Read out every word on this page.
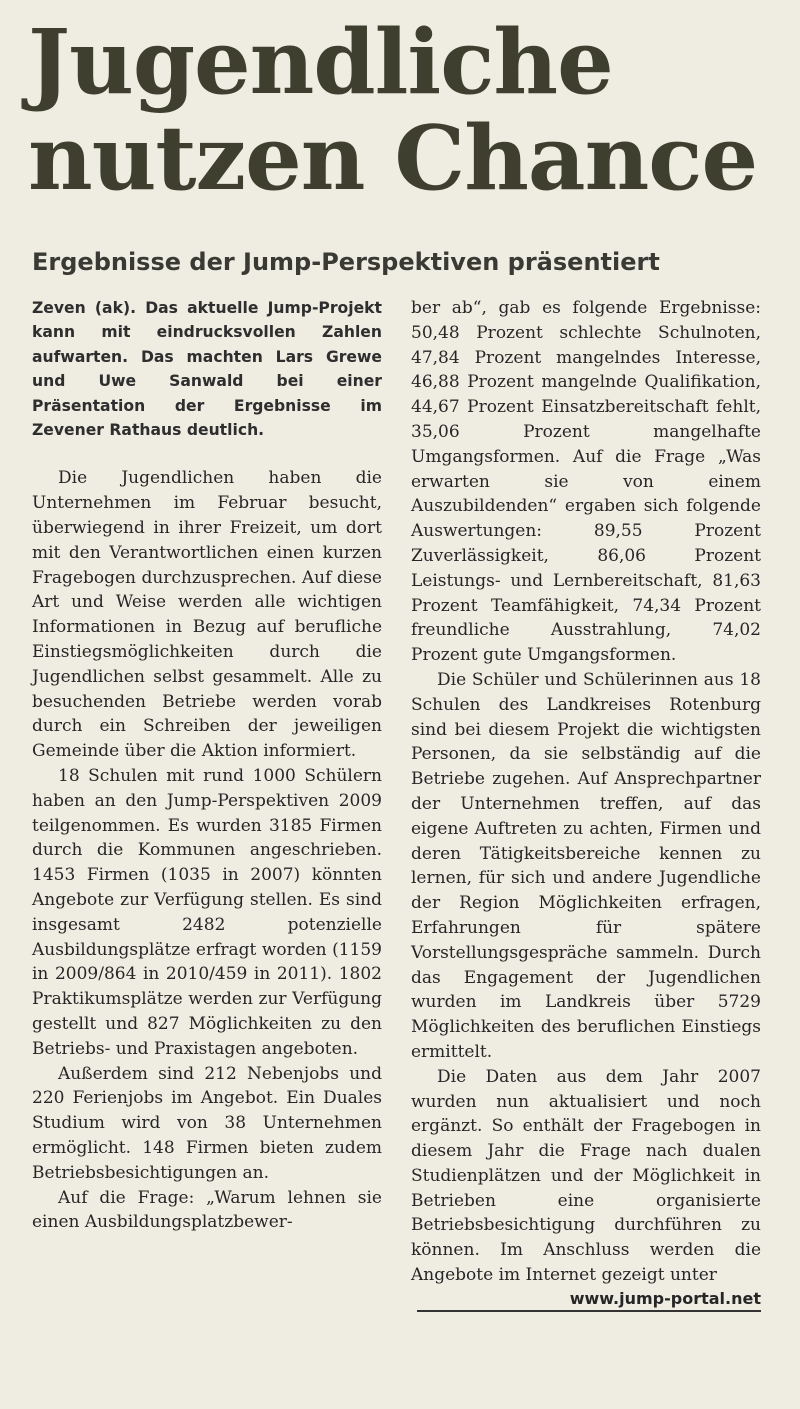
Jugendliche
nutzen Chance
Ergebnisse der Jump-Perspektiven präsentiert

Zeven (ak). Das aktuelle Jump-Projekt kann mit eindrucksvollen Zahlen aufwarten. Das machten Lars Grewe und Uwe Sanwald bei einer Präsentation der Ergebnisse im Zevener Rathaus deutlich.

Die Jugendlichen haben die Unternehmen im Februar besucht, überwiegend in ihrer Freizeit, um dort mit den Verantwortlichen einen kurzen Fragebogen durchzusprechen. Auf diese Art und Weise werden alle wichtigen Informationen in Bezug auf berufliche Einstiegsmöglichkeiten durch die Jugendlichen selbst gesammelt. Alle zu besuchenden Betriebe werden vorab durch ein Schreiben der jeweiligen Gemeinde über die Aktion informiert.

18 Schulen mit rund 1000 Schülern haben an den Jump-Perspektiven 2009 teilgenommen. Es wurden 3185 Firmen durch die Kommunen angeschrieben. 1453 Firmen (1035 in 2007) könnten Angebote zur Verfügung stellen. Es sind insgesamt 2482 potenzielle Ausbildungsplätze erfragt worden (1159 in 2009/864 in 2010/459 in 2011). 1802 Praktikumsplätze werden zur Verfügung gestellt und 827 Möglichkeiten zu den Betriebs- und Praxistagen angeboten.

Außerdem sind 212 Nebenjobs und 220 Ferienjobs im Angebot. Ein Duales Studium wird von 38 Unternehmen ermöglicht. 148 Firmen bieten zudem Betriebsbesichtigungen an.

Auf die Frage: „Warum lehnen sie einen Ausbildungsplatzbewer-

ber ab“, gab es folgende Ergebnisse: 50,48 Prozent schlechte Schulnoten, 47,84 Prozent mangelndes Interesse, 46,88 Prozent mangelnde Qualifikation, 44,67 Prozent Einsatzbereitschaft fehlt, 35,06 Prozent mangelhafte Umgangsformen. Auf die Frage „Was erwarten sie von einem Auszubildenden“ ergaben sich folgende Auswertungen: 89,55 Prozent Zuverlässigkeit, 86,06 Prozent Leistungs- und Lernbereitschaft, 81,63 Prozent Teamfähigkeit, 74,34 Prozent freundliche Ausstrahlung, 74,02 Prozent gute Umgangsformen.

Die Schüler und Schülerinnen aus 18 Schulen des Landkreises Rotenburg sind bei diesem Projekt die wichtigsten Personen, da sie selbständig auf die Betriebe zugehen. Auf Ansprechpartner der Unternehmen treffen, auf das eigene Auftreten zu achten, Firmen und deren Tätigkeitsbereiche kennen zu lernen, für sich und andere Jugendliche der Region Möglichkeiten erfragen, Erfahrungen für spätere Vorstellungsgespräche sammeln. Durch das Engagement der Jugendlichen wurden im Landkreis über 5729 Möglichkeiten des beruflichen Einstiegs ermittelt.

Die Daten aus dem Jahr 2007 wurden nun aktualisiert und noch ergänzt. So enthält der Fragebogen in diesem Jahr die Frage nach dualen Studienplätzen und der Möglichkeit in Betrieben eine organisierte Betriebsbesichtigung durchführen zu können. Im Anschluss werden die Angebote im Internet gezeigt unter

www.jump-portal.net
